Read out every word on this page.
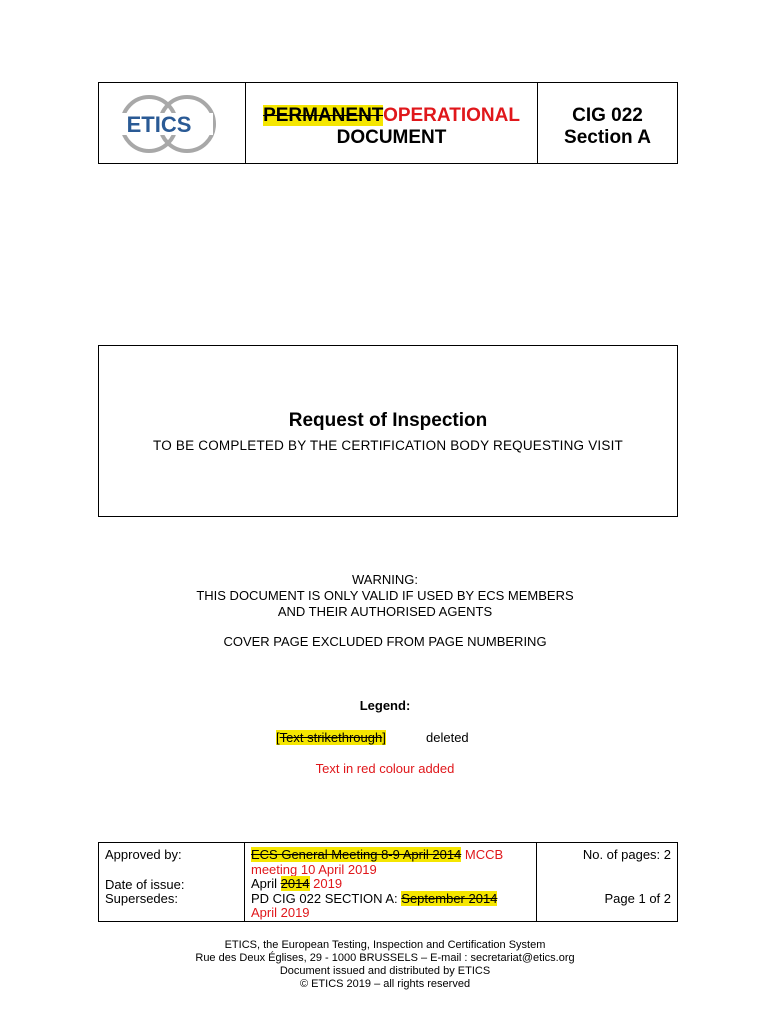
ETICS	PERMANENTOPERATIONAL
DOCUMENT
CIG 022
Section A
Request of Inspection
TO BE COMPLETED BY THE CERTIFICATION BODY REQUESTING VISIT
WARNING:
THIS DOCUMENT IS ONLY VALID IF USED BY ECS MEMBERS
AND THEIR AUTHORISED AGENTS
COVER PAGE EXCLUDED FROM PAGE NUMBERING
Legend:
[Text strikethrough]	deleted
Text in red colour added
Approved by:
Date of issue:
Supersedes:
ECS General Meeting 8-9 April 2014 MCCB
meeting 10 April 2019
April 2014 2019
PD CIG 022 SECTION A: September 2014
April 2019
No. of pages: 2
Page 1 of 2
ETICS, the European Testing, Inspection and Certification System
Rue des Deux Églises, 29 - 1000 BRUSSELS – E-mail : secretariat@etics.org
Document issued and distributed by ETICS
© ETICS 2019 – all rights reserved
